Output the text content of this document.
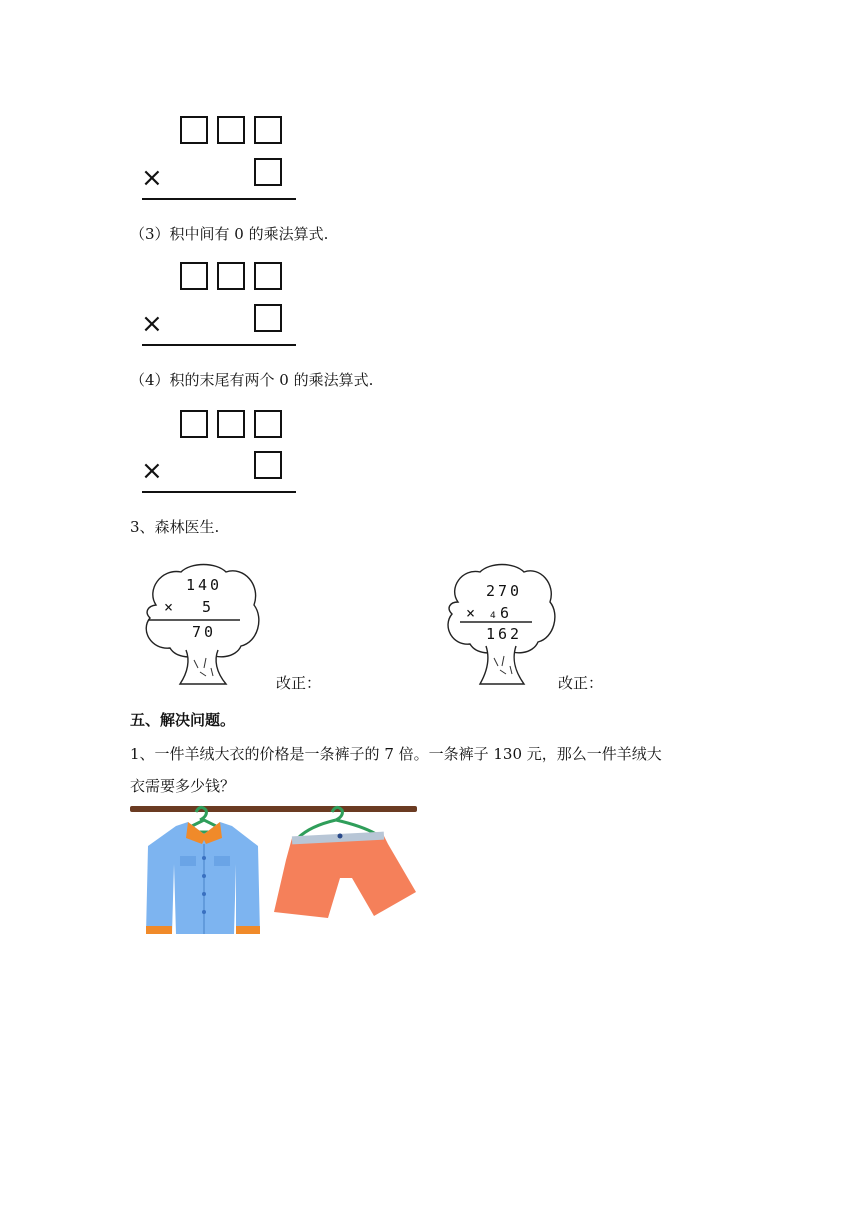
×
（3）积中间有 0 的乘法算式.
×
（4）积的末尾有两个 0 的乘法算式.
×
3、森林医生.
140
× 5
70
改正：
270
× 4 6
162
改正：
五、解决问题。
1、一件羊绒大衣的价格是一条裤子的 7 倍。一条裤子 130 元，那么一件羊绒大
衣需要多少钱？
